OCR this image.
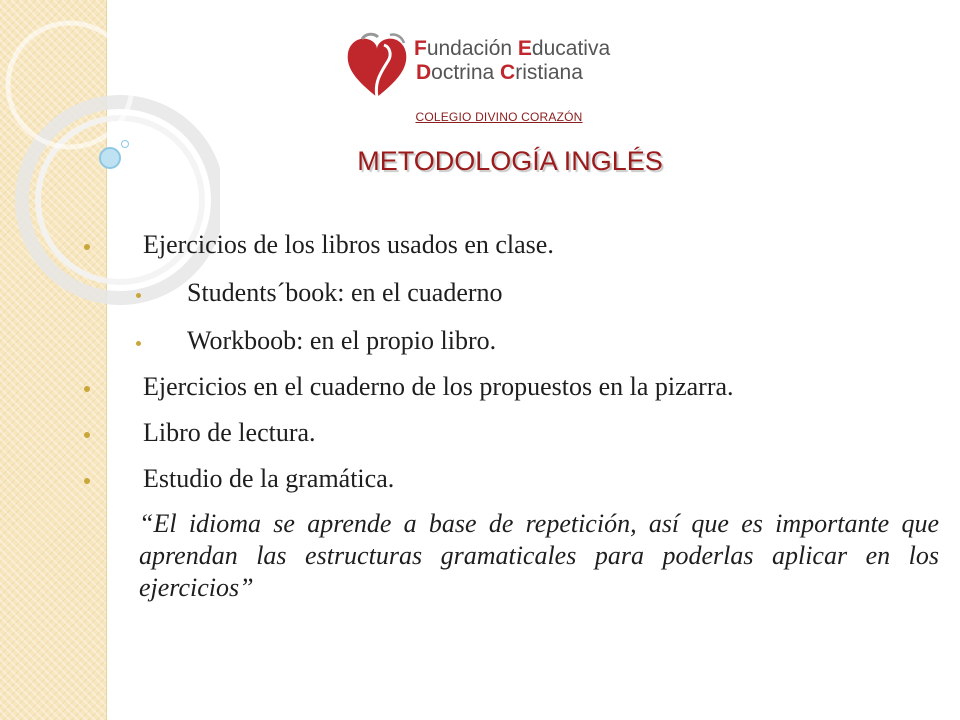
Fundación Educativa
Doctrina Cristiana
COLEGIO DIVINO CORAZÓN
METODOLOGÍA INGLÉS
Ejercicios de los libros usados en clase.
Students´book: en el cuaderno
Workboob: en el propio libro.
Ejercicios en el cuaderno de los propuestos en la pizarra.
Libro de lectura.
Estudio de la gramática.
“El idioma se aprende a base de repetición, así que es importante que aprendan las estructuras gramaticales para poderlas aplicar en los ejercicios”
